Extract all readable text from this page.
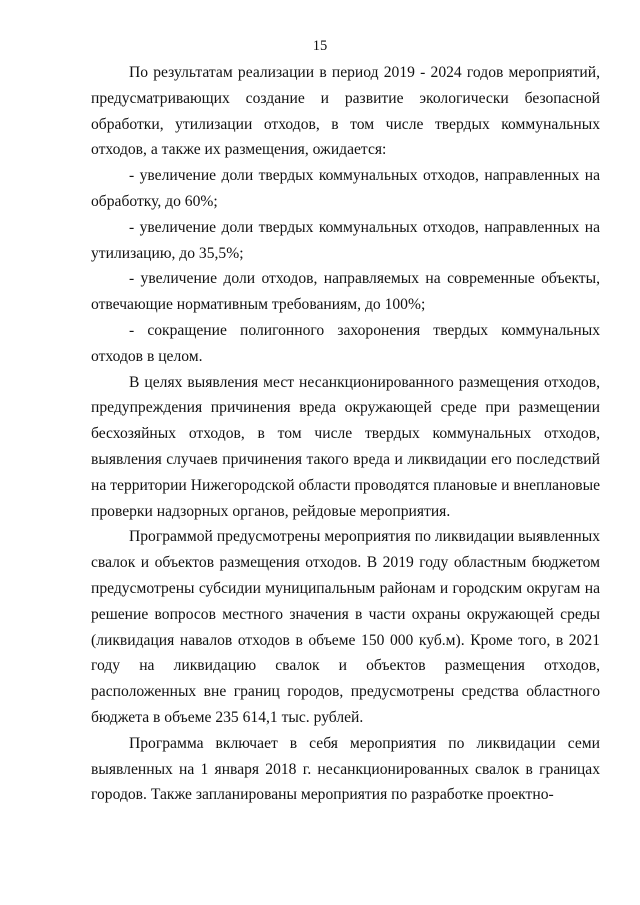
15

По результатам реализации в период 2019 - 2024 годов мероприятий, предусматривающих создание и развитие экологически безопасной обработки, утилизации отходов, в том числе твердых коммунальных отходов, а также их размещения, ожидается:

- увеличение доли твердых коммунальных отходов, направленных на обработку, до 60%;

- увеличение доли твердых коммунальных отходов, направленных на утилизацию, до 35,5%;

- увеличение доли отходов, направляемых на современные объекты, отвечающие нормативным требованиям, до 100%;

- сокращение полигонного захоронения твердых коммунальных отходов в целом.

В целях выявления мест несанкционированного размещения отходов, предупреждения причинения вреда окружающей среде при размещении бесхозяйных отходов, в том числе твердых коммунальных отходов, выявления случаев причинения такого вреда и ликвидации его последствий на территории Нижегородской области проводятся плановые и внеплановые проверки надзорных органов, рейдовые мероприятия.

Программой предусмотрены мероприятия по ликвидации выявленных свалок и объектов размещения отходов. В 2019 году областным бюджетом предусмотрены субсидии муниципальным районам и городским округам на решение вопросов местного значения в части охраны окружающей среды (ликвидация навалов отходов в объеме 150 000 куб.м). Кроме того, в 2021 году на ликвидацию свалок и объектов размещения отходов, расположенных вне границ городов, предусмотрены средства областного бюджета в объеме 235 614,1 тыс. рублей.

Программа включает в себя мероприятия по ликвидации семи выявленных на 1 января 2018 г. несанкционированных свалок в границах городов. Также запланированы мероприятия по разработке проектно-
